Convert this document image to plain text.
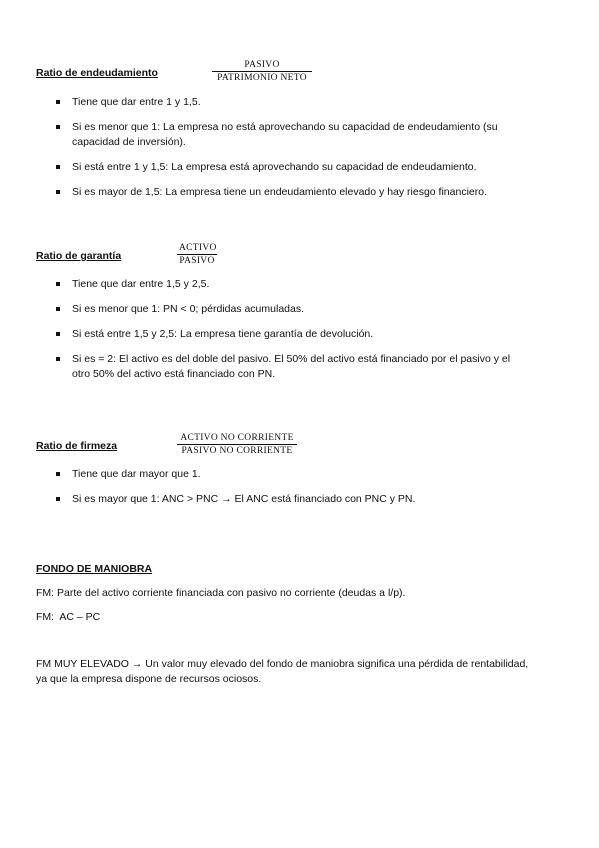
Ratio de endeudamiento
PASIVO
PATRIMONIO NETO
Tiene que dar entre 1 y 1,5.
Si es menor que 1: La empresa no está aprovechando su capacidad de endeudamiento (su capacidad de inversión).
Si está entre 1 y 1,5: La empresa está aprovechando su capacidad de endeudamiento.
Si es mayor de 1,5: La empresa tiene un endeudamiento elevado y hay riesgo financiero.
Ratio de garantía
ACTIVO
PASIVO
Tiene que dar entre 1,5 y 2,5.
Si es menor que 1: PN < 0; pérdidas acumuladas.
Si está entre 1,5 y 2,5: La empresa tiene garantía de devolución.
Si es = 2: El activo es del doble del pasivo. El 50% del activo está financiado por el pasivo y el otro 50% del activo está financiado con PN.
Ratio de firmeza
ACTIVO NO CORRIENTE
PASIVO NO CORRIENTE
Tiene que dar mayor que 1.
Si es mayor que 1: ANC > PNC → El ANC está financiado con PNC y PN.
FONDO DE MANIOBRA
FM: Parte del activo corriente financiada con pasivo no corriente (deudas a l/p).
FM:  AC – PC
FM MUY ELEVADO → Un valor muy elevado del fondo de maniobra significa una pérdida de rentabilidad, ya que la empresa dispone de recursos ociosos.
